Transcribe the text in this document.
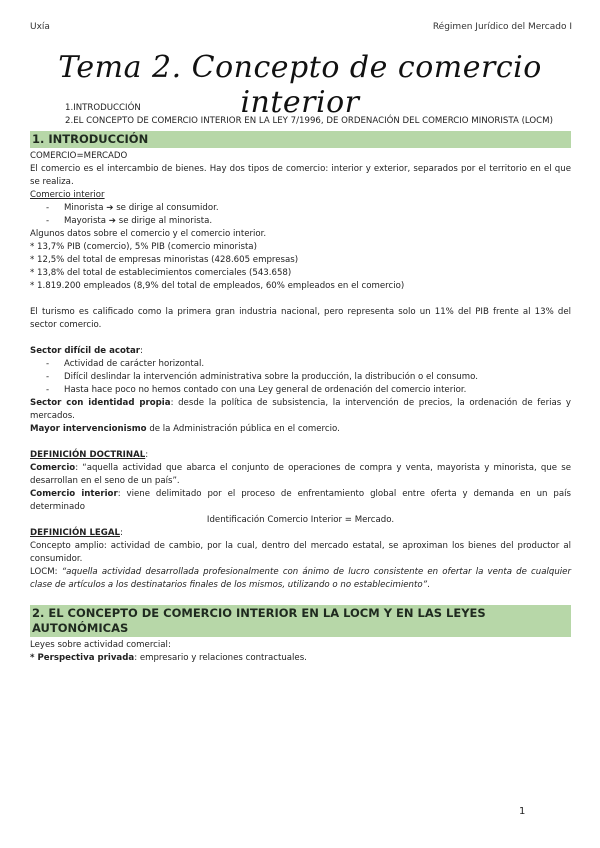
Uxía	Régimen Jurídico del Mercado I
Tema 2. Concepto de comercio interior
1.INTRODUCCIÓN
2.EL CONCEPTO DE COMERCIO INTERIOR EN LA LEY 7/1996, DE ORDENACIÓN DEL COMERCIO MINORISTA (LOCM)
1. INTRODUCCIÓN
COMERCIO=MERCADO
El comercio es el intercambio de bienes. Hay dos tipos de comercio: interior y exterior, separados por el territorio en el que se realiza.
Comercio interior
-	Minorista ➔ se dirige al consumidor.
-	Mayorista ➔ se dirige al minorista.
Algunos datos sobre el comercio y el comercio interior.
* 13,7% PIB (comercio), 5% PIB (comercio minorista)
* 12,5% del total de empresas minoristas (428.605 empresas)
* 13,8% del total de establecimientos comerciales (543.658)
* 1.819.200 empleados (8,9% del total de empleados, 60% empleados en el comercio)
El turismo es calificado como la primera gran industria nacional, pero representa solo un 11% del PIB frente al 13% del sector comercio.
Sector difícil de acotar:
-	Actividad de carácter horizontal.
-	Difícil deslindar la intervención administrativa sobre la producción, la distribución o el consumo.
-	Hasta hace poco no hemos contado con una Ley general de ordenación del comercio interior.
Sector con identidad propia: desde la política de subsistencia, la intervención de precios, la ordenación de ferias y mercados.
Mayor intervencionismo de la Administración pública en el comercio.
DEFINICIÓN DOCTRINAL:
Comercio: “aquella actividad que abarca el conjunto de operaciones de compra y venta, mayorista y minorista, que se desarrollan en el seno de un país”.
Comercio interior: viene delimitado por el proceso de enfrentamiento global entre oferta y demanda en un país determinado
Identificación Comercio Interior = Mercado.
DEFINICIÓN LEGAL:
Concepto amplio: actividad de cambio, por la cual, dentro del mercado estatal, se aproximan los bienes del productor al consumidor.
LOCM: “aquella actividad desarrollada profesionalmente con ánimo de lucro consistente en ofertar la venta de cualquier clase de artículos a los destinatarios finales de los mismos, utilizando o no establecimiento”.
2. EL CONCEPTO DE COMERCIO INTERIOR EN LA LOCM Y EN LAS LEYES AUTONÓMICAS
Leyes sobre actividad comercial:
* Perspectiva privada: empresario y relaciones contractuales.
1
